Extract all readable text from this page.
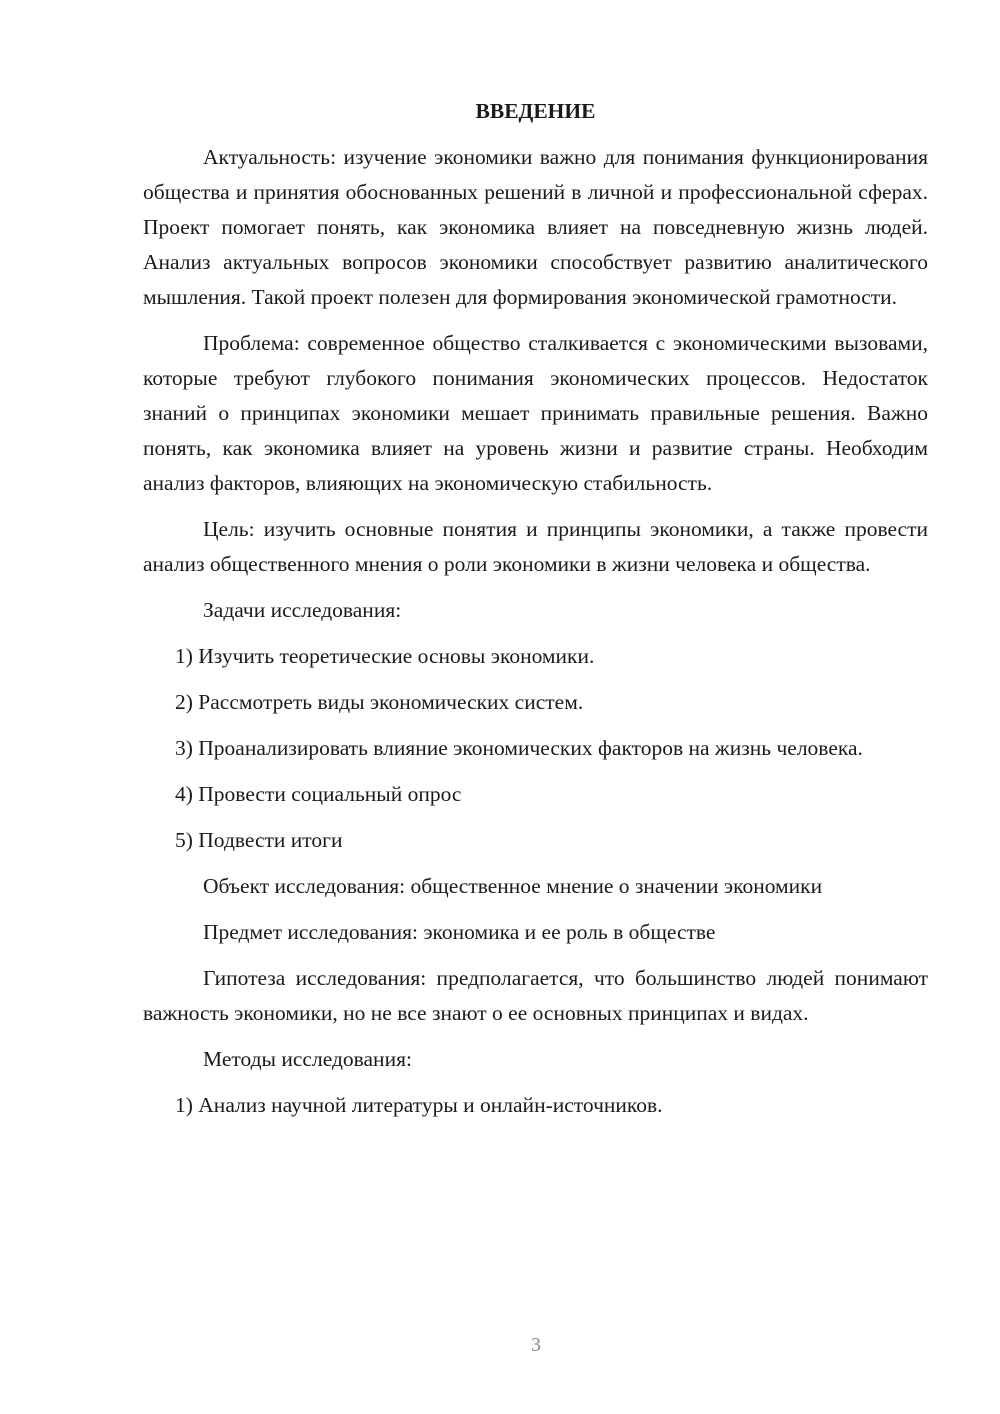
ВВЕДЕНИЕ

Актуальность: изучение экономики важно для понимания функционирования общества и принятия обоснованных решений в личной и профессиональной сферах. Проект помогает понять, как экономика влияет на повседневную жизнь людей. Анализ актуальных вопросов экономики способствует развитию аналитического мышления. Такой проект полезен для формирования экономической грамотности.

Проблема: современное общество сталкивается с экономическими вызовами, которые требуют глубокого понимания экономических процессов. Недостаток знаний о принципах экономики мешает принимать правильные решения. Важно понять, как экономика влияет на уровень жизни и развитие страны. Необходим анализ факторов, влияющих на экономическую стабильность.

Цель: изучить основные понятия и принципы экономики, а также провести анализ общественного мнения о роли экономики в жизни человека и общества.

Задачи исследования:

1) Изучить теоретические основы экономики.

2) Рассмотреть виды экономических систем.

3) Проанализировать влияние экономических факторов на жизнь человека.

4) Провести социальный опрос

5) Подвести итоги

Объект исследования: общественное мнение о значении экономики

Предмет исследования: экономика и ее роль в обществе

Гипотеза исследования: предполагается, что большинство людей понимают важность экономики, но не все знают о ее основных принципах и видах.

Методы исследования:

1) Анализ научной литературы и онлайн-источников.

3
